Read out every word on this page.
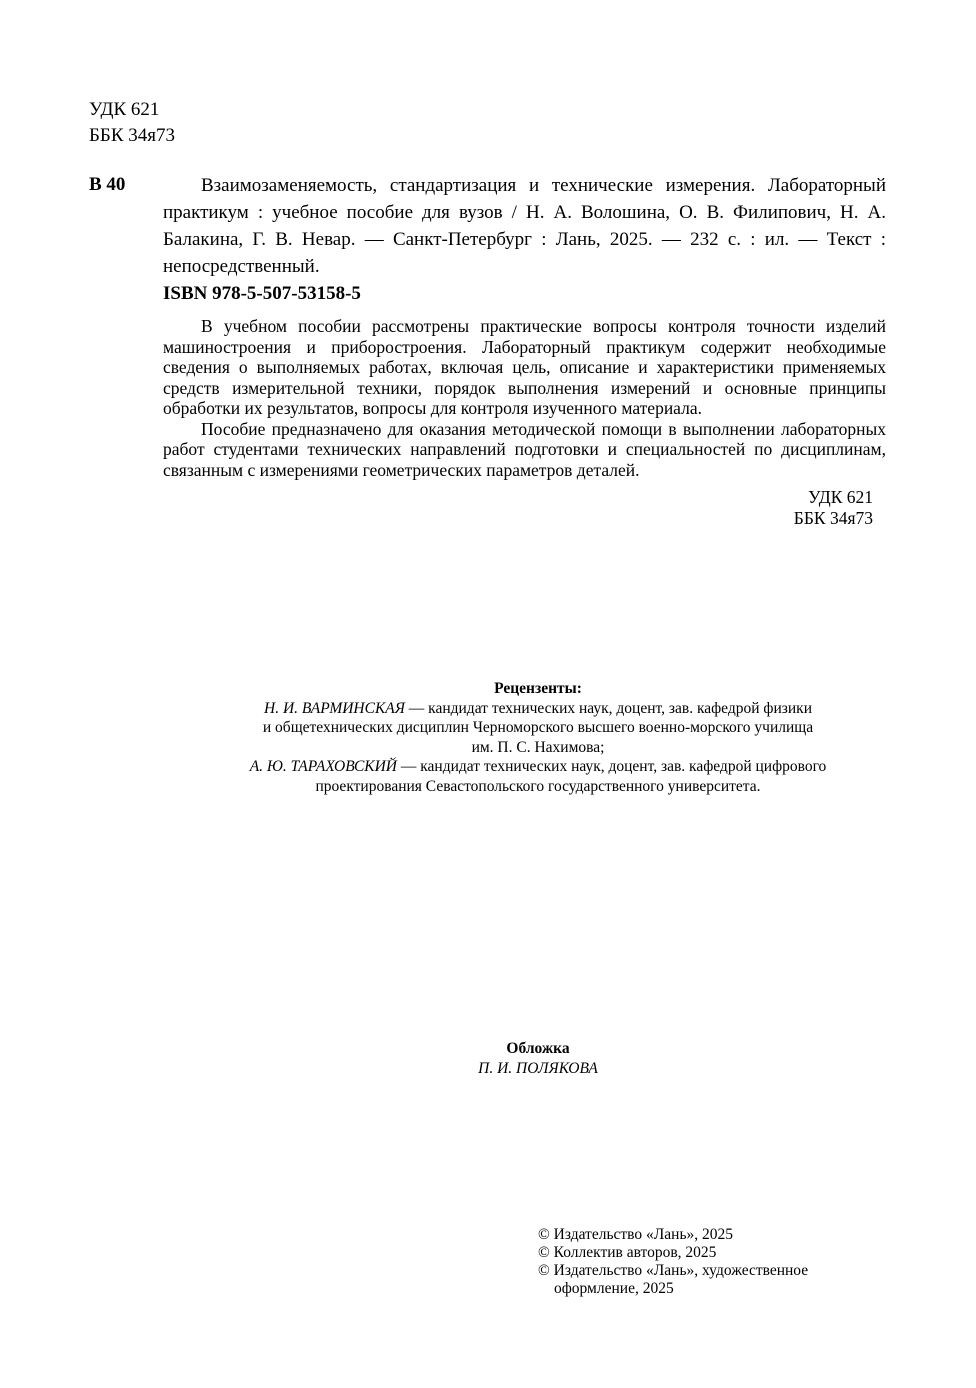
УДК 621
ББК 34я73
В 40	Взаимозаменяемость, стандартизация и технические измерения. Лабораторный практикум : учебное пособие для вузов / Н. А. Волошина, О. В. Филипович, Н. А. Балакина, Г. В. Невар. — Санкт-Петербург : Лань, 2025. — 232 с. : ил. — Текст : непосредственный.

ISBN 978-5-507-53158-5

В учебном пособии рассмотрены практические вопросы контроля точности изделий машиностроения и приборостроения. Лабораторный практикум содержит необходимые сведения о выполняемых работах, включая цель, описание и характеристики применяемых средств измерительной техники, порядок выполнения измерений и основные принципы обработки их результатов, вопросы для контроля изученного материала.

Пособие предназначено для оказания методической помощи в выполнении лабораторных работ студентами технических направлений подготовки и специальностей по дисциплинам, связанным с измерениями геометрических параметров деталей.

УДК 621
ББК 34я73
Рецензенты:
Н. И. ВАРМИНСКАЯ — кандидат технических наук, доцент, зав. кафедрой физики
и общетехнических дисциплин Черноморского высшего военно-морского училища
им. П. С. Нахимова;
А. Ю. ТАРАХОВСКИЙ — кандидат технических наук, доцент, зав. кафедрой цифрового
проектирования Севастопольского государственного университета.
Обложка
П. И. ПОЛЯКОВА
© Издательство «Лань», 2025
© Коллектив авторов, 2025
© Издательство «Лань», художественное оформление, 2025
